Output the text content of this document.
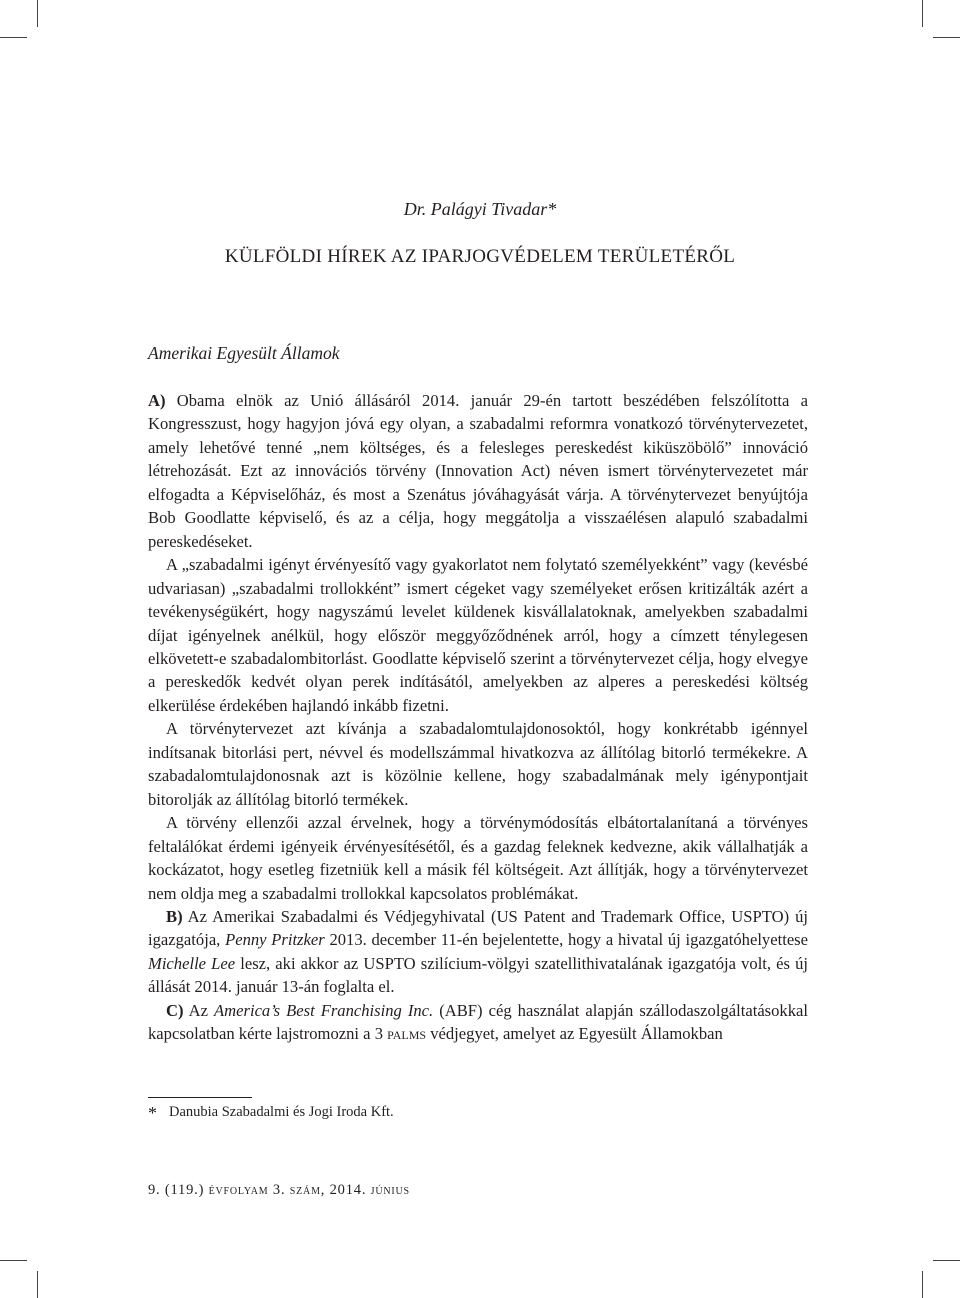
Dr. Palágyi Tivadar*
KÜLFÖLDI HÍREK AZ IPARJOGVÉDELEM TERÜLETÉRŐL
Amerikai Egyesült Államok

A) Obama elnök az Unió állásáról 2014. január 29-én tartott beszédében felszólította a Kongresszust, hogy hagyjon jóvá egy olyan, a szabadalmi reformra vonatkozó törvénytervezetet, amely lehetővé tenné „nem költséges, és a felesleges pereskedést kiküszöbölő” innováció létrehozását. Ezt az innovációs törvény (Innovation Act) néven ismert törvénytervezetet már elfogadta a Képviselőház, és most a Szenátus jóváhagyását várja. A törvénytervezet benyújtója Bob Goodlatte képviselő, és az a célja, hogy meggátolja a visszaélésen alapuló szabadalmi pereskedéseket.

A „szabadalmi igényt érvényesítő vagy gyakorlatot nem folytató személyekként” vagy (kevésbé udvariasan) „szabadalmi trollokként” ismert cégeket vagy személyeket erősen kritizálták azért a tevékenységükért, hogy nagyszámú levelet küldenek kisvállalatoknak, amelyekben szabadalmi díjat igényelnek anélkül, hogy először meggyőződnének arról, hogy a címzett ténylegesen elkövetett-e szabadalombitorlást. Goodlatte képviselő szerint a törvénytervezet célja, hogy elvegye a pereskedők kedvét olyan perek indításától, amelyekben az alperes a pereskedési költség elkerülése érdekében hajlandó inkább fizetni.

A törvénytervezet azt kívánja a szabadalomtulajdonosoktól, hogy konkrétabb igénnyel indítsanak bitorlási pert, névvel és modellszámmal hivatkozva az állítólag bitorló termékekre. A szabadalomtulajdonosnak azt is közölnie kellene, hogy szabadalmának mely igénypontjait bitorolják az állítólag bitorló termékek.

A törvény ellenzői azzal érvelnek, hogy a törvénymódosítás elbátortalanítaná a törvényes feltalálókat érdemi igényeik érvényesítésétől, és a gazdag feleknek kedvezne, akik vállalhatják a kockázatot, hogy esetleg fizetniük kell a másik fél költségeit. Azt állítják, hogy a törvénytervezet nem oldja meg a szabadalmi trollokkal kapcsolatos problémákat.

B) Az Amerikai Szabadalmi és Védjegyhivatal (US Patent and Trademark Office, USPTO) új igazgatója, Penny Pritzker 2013. december 11-én bejelentette, hogy a hivatal új igazgatóhelyettese Michelle Lee lesz, aki akkor az USPTO szilícium-völgyi szatellithivatalának igazgatója volt, és új állását 2014. január 13-án foglalta el.

C) Az America’s Best Franchising Inc. (ABF) cég használat alapján szállodaszolgáltatásokkal kapcsolatban kérte lajstromozni a 3 palms védjegyet, amelyet az Egyesült Államokban

* Danubia Szabadalmi és Jogi Iroda Kft.
9. (119.) évfolyam 3. szám, 2014. június
